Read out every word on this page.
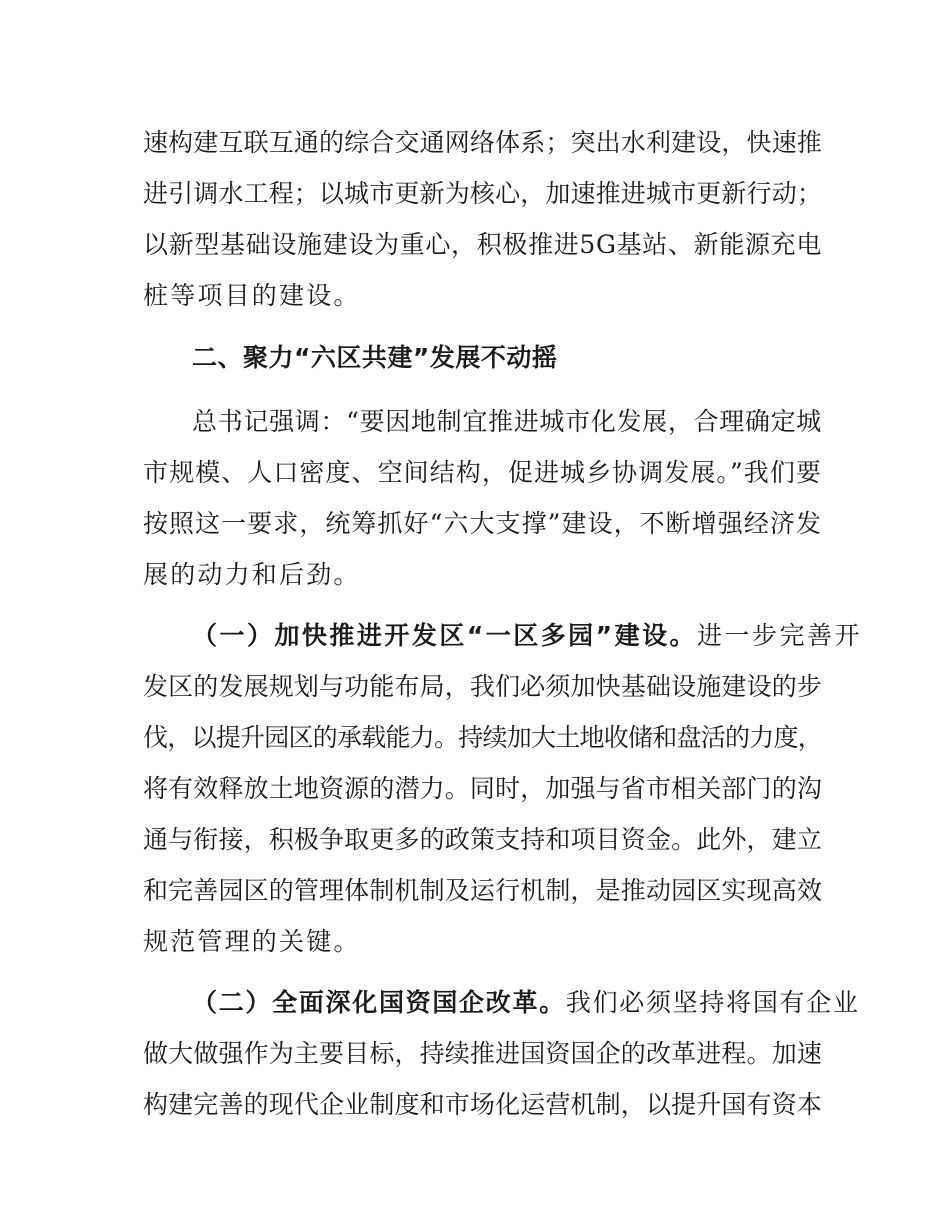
速构建互联互通的综合交通网络体系；突出水利建设，快速推
进引调水工程；以城市更新为核心，加速推进城市更新行动；
以新型基础设施建设为重心，积极推进5G基站、新能源充电
桩等项目的建设。
二、聚力“六区共建”发展不动摇
总书记强调：“要因地制宜推进城市化发展，合理确定城
市规模、人口密度、空间结构，促进城乡协调发展。”我们要
按照这一要求，统筹抓好“六大支撑”建设，不断增强经济发
展的动力和后劲。
（一）加快推进开发区“一区多园”建设。进一步完善开
发区的发展规划与功能布局，我们必须加快基础设施建设的步
伐，以提升园区的承载能力。持续加大土地收储和盘活的力度，
将有效释放土地资源的潜力。同时，加强与省市相关部门的沟
通与衔接，积极争取更多的政策支持和项目资金。此外，建立
和完善园区的管理体制机制及运行机制，是推动园区实现高效
规范管理的关键。
（二）全面深化国资国企改革。我们必须坚持将国有企业
做大做强作为主要目标，持续推进国资国企的改革进程。加速
构建完善的现代企业制度和市场化运营机制，以提升国有资本
